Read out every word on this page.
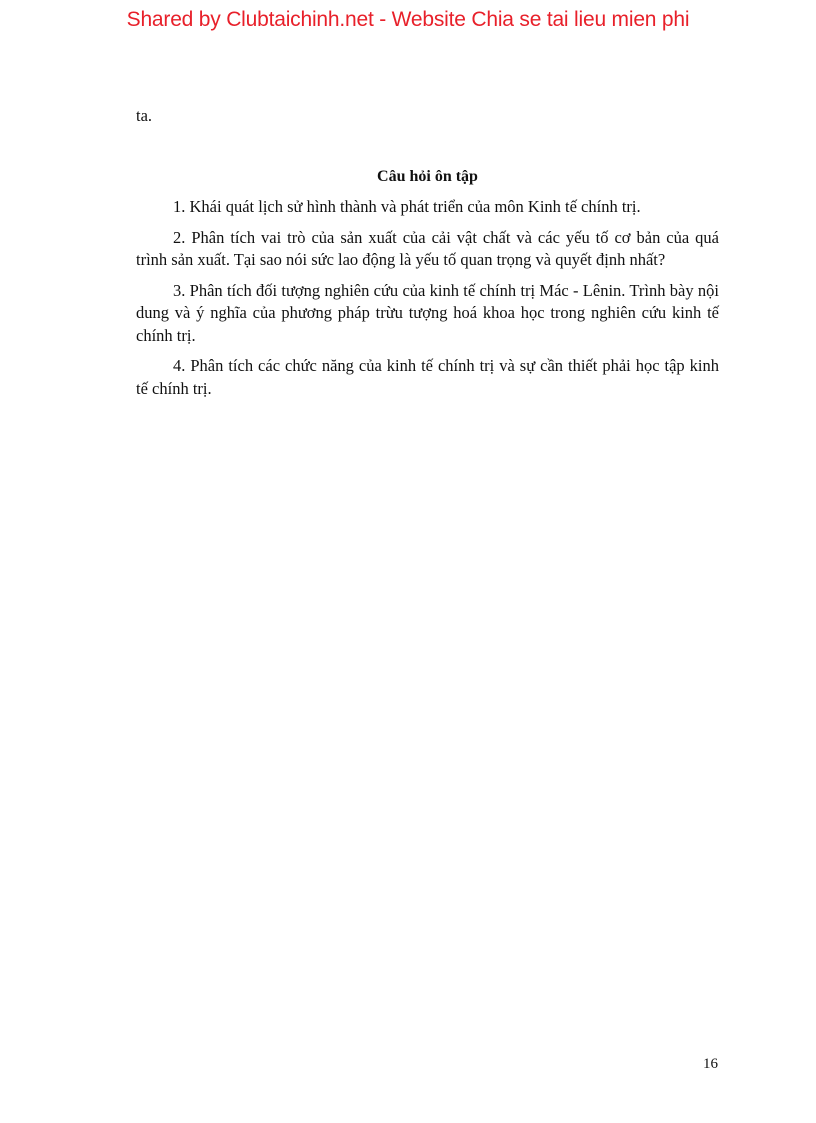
Shared by Clubtaichinh.net - Website Chia se tai lieu mien phi
ta.
Câu hỏi ôn tập

1. Khái quát lịch sử hình thành và phát triển của môn Kinh tế chính trị.

2. Phân tích vai trò của sản xuất của cải vật chất và các yếu tố cơ bản của quá trình sản xuất. Tại sao nói sức lao động là yếu tố quan trọng và quyết định nhất?

3. Phân tích đối tượng nghiên cứu của kinh tế chính trị Mác - Lênin. Trình bày nội dung và ý nghĩa của phương pháp trừu tượng hoá khoa học trong nghiên cứu kinh tế chính trị.

4. Phân tích các chức năng của kinh tế chính trị và sự cần thiết phải học tập kinh tế chính trị.

16
